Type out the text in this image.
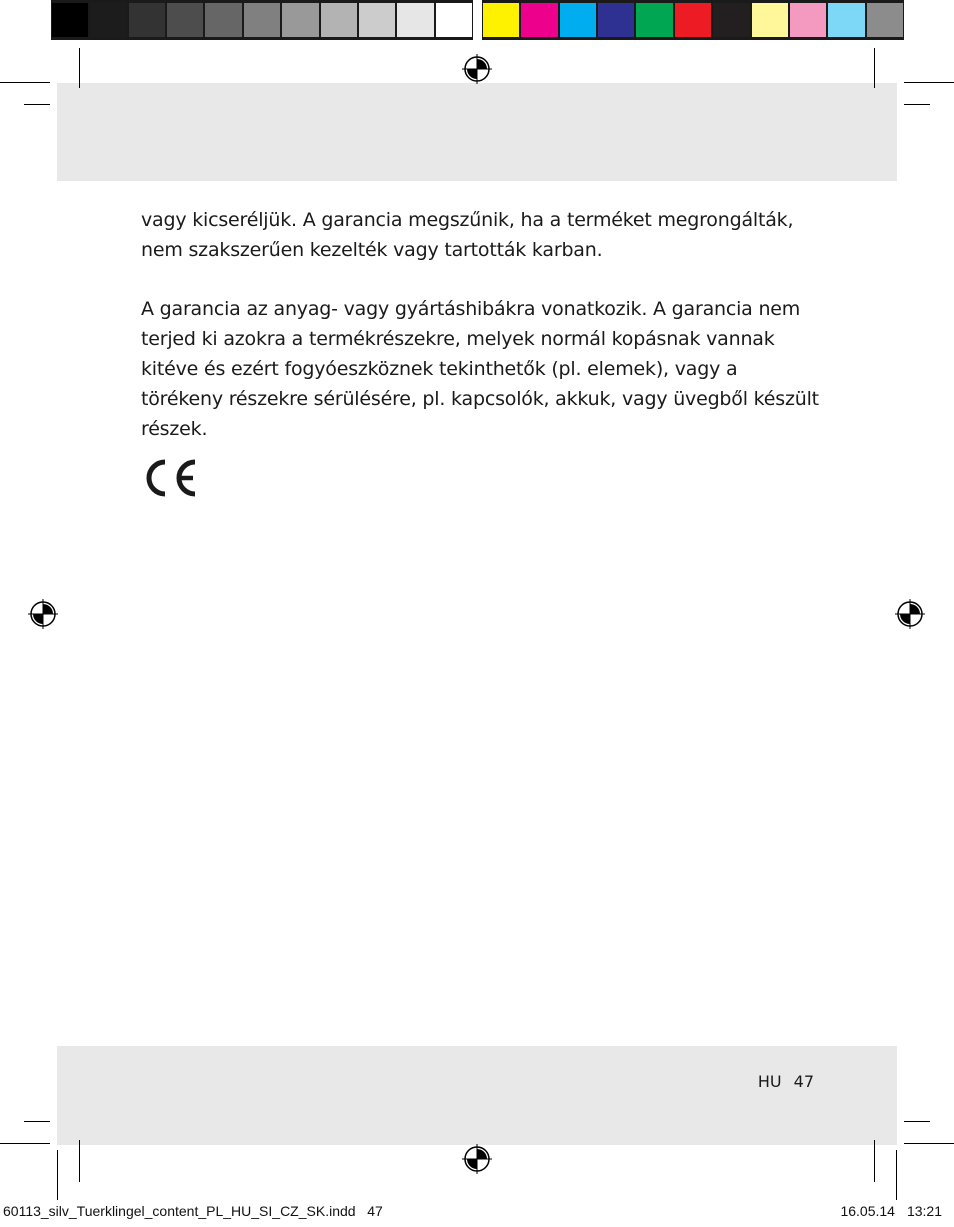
vagy kicseréljük. A garancia megszűnik, ha a terméket megrongálták, nem szakszerűen kezelték vagy tartották karban.

A garancia az anyag- vagy gyártáshibákra vonatkozik. A garancia nem terjed ki azokra a termékrészekre, melyek normál kopásnak vannak kitéve és ezért fogyóeszköznek tekinthetők (pl. elemek), vagy a törékeny részekre sérülésére, pl. kapcsolók, akkuk, vagy üvegből készült részek.

HU 47
60113_silv_Tuerklingel_content_PL_HU_SI_CZ_SK.indd 47	16.05.14 13:21
